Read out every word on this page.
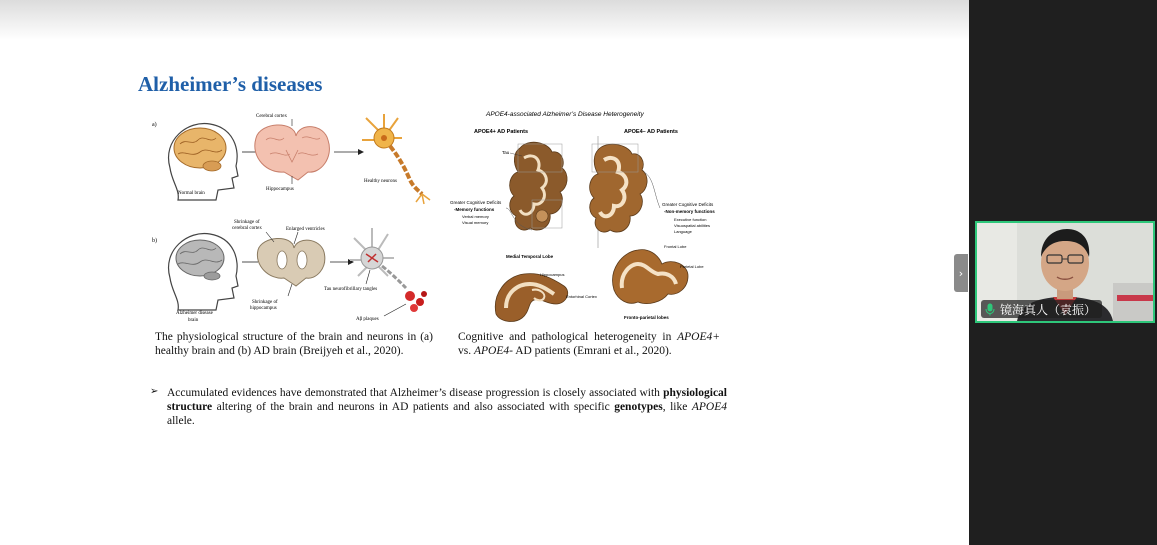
Alzheimer’s diseases
a)
Normal brain
Cerebral cortex
Hippocampus
Healthy neurons
b)
Alzheimer disease
brain
Shrinkage of
cerebral cortex	Enlarged ventricles
Shrinkage of
hippocampus
Tau neurofibrillary tangles
Aβ plaques
APOE4-associated Alzheimer’s Disease Heterogeneity
APOE4+ AD Patients	APOE4– AD Patients
Tau
Greater Cognitive Deficits
-Memory functions
Verbal memory
Visual memory
Greater Cognitive Deficits
-Non-memory functions
Executive function
Visuospatial abilities
Language
Frontal Lobe
Medial Temporal Lobe
Hippocampus
Entorhinal Cortex
Parietal Lobe
Fronto-parietal lobes
The physiological structure of the brain and neurons in (a) healthy brain and (b) AD brain (Breijyeh et al., 2020).
Cognitive and pathological heterogeneity in APOE4+ vs. APOE4- AD patients (Emrani et al., 2020).
➢ Accumulated evidences have demonstrated that Alzheimer’s disease progression is closely associated with physiological structure altering of the brain and neurons in AD patients and also associated with specific genotypes, like APOE4 allele.
›
镜海真人（袁振）
